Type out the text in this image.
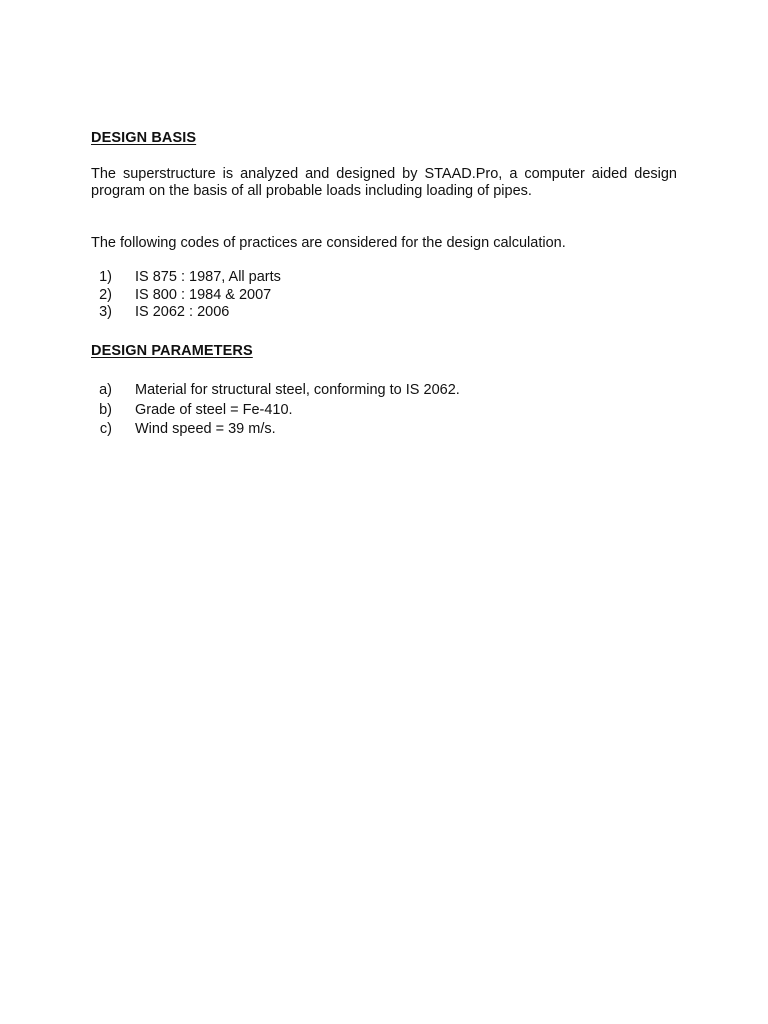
DESIGN BASIS
The superstructure is analyzed and designed by STAAD.Pro, a computer aided design
program on the basis of all probable loads including loading of pipes.
The following codes of practices are considered for the design calculation.
1) IS 875 : 1987, All parts
2) IS 800 : 1984 & 2007
3) IS 2062 : 2006
DESIGN PARAMETERS
a) Material for structural steel, conforming to IS 2062.
b) Grade of steel = Fe-410.
c) Wind speed = 39 m/s.
